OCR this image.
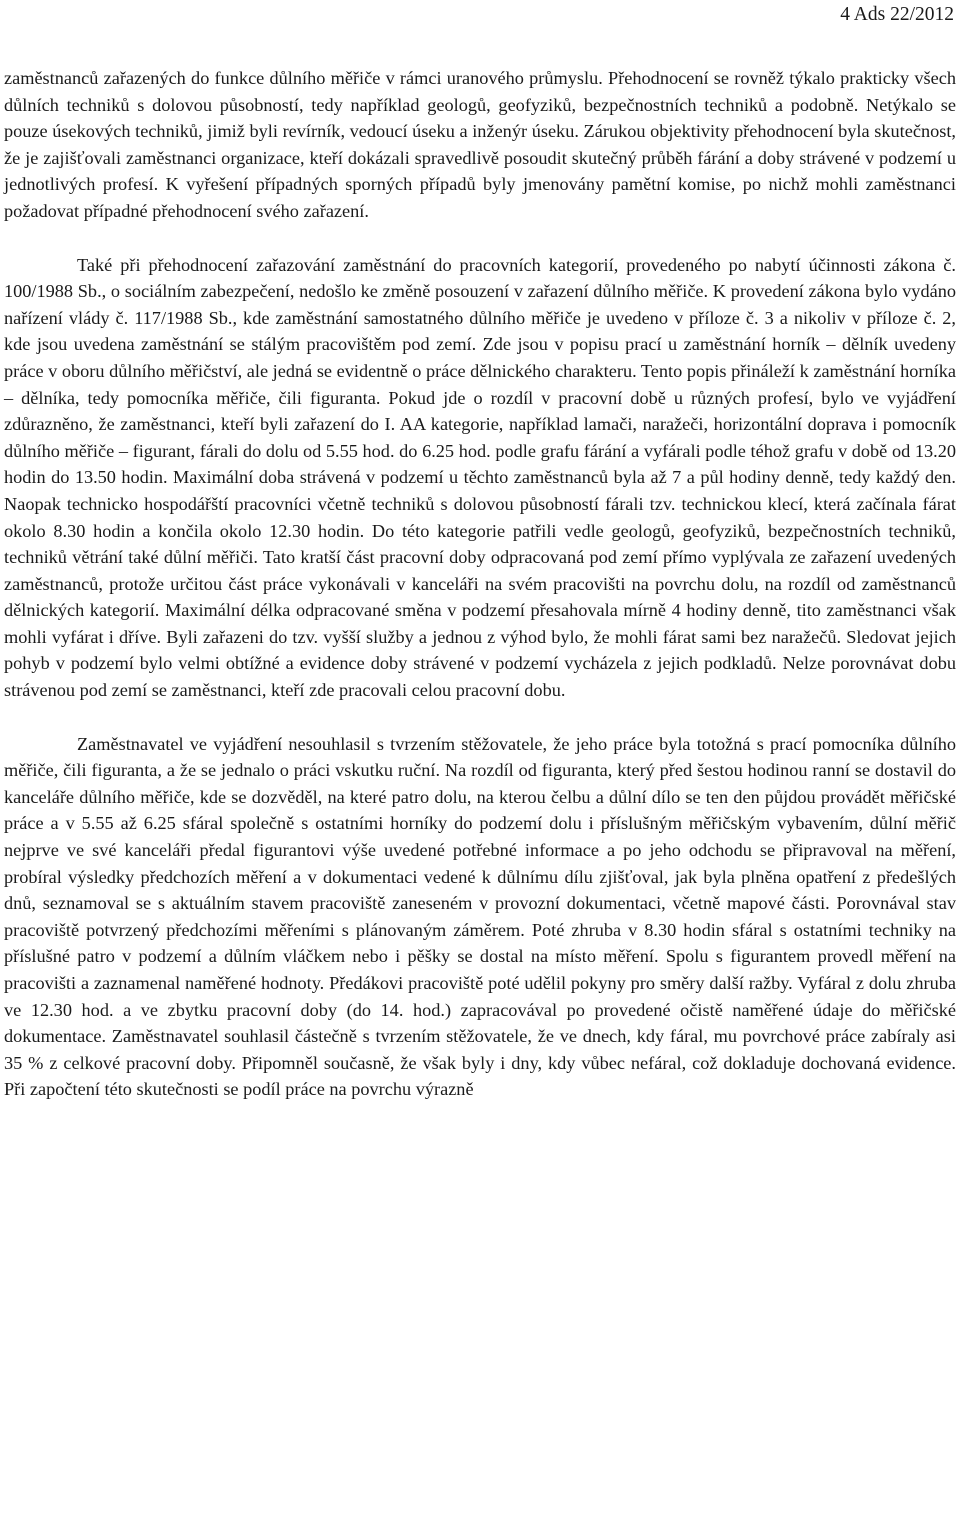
4 Ads 22/2012

zaměstnanců zařazených do funkce důlního měřiče v rámci uranového průmyslu. Přehodnocení se rovněž týkalo prakticky všech důlních techniků s dolovou působností, tedy například geologů, geofyziků, bezpečnostních techniků a podobně. Netýkalo se pouze úsekových techniků, jimiž byli revírník, vedoucí úseku a inženýr úseku. Zárukou objektivity přehodnocení byla skutečnost, že je zajišťovali zaměstnanci organizace, kteří dokázali spravedlivě posoudit skutečný průběh fárání a doby strávené v podzemí u jednotlivých profesí. K vyřešení případných sporných případů byly jmenovány pamětní komise, po nichž mohli zaměstnanci požadovat případné přehodnocení svého zařazení.

Také při přehodnocení zařazování zaměstnání do pracovních kategorií, provedeného po nabytí účinnosti zákona č. 100/1988 Sb., o sociálním zabezpečení, nedošlo ke změně posouzení v zařazení důlního měřiče. K provedení zákona bylo vydáno nařízení vlády č. 117/1988 Sb., kde zaměstnání samostatného důlního měřiče je uvedeno v příloze č. 3 a nikoliv v příloze č. 2, kde jsou uvedena zaměstnání se stálým pracovištěm pod zemí. Zde jsou v popisu prací u zaměstnání horník – dělník uvedeny práce v oboru důlního měřičství, ale jedná se evidentně o práce dělnického charakteru. Tento popis přináleží k zaměstnání horníka – dělníka, tedy pomocníka měřiče, čili figuranta. Pokud jde o rozdíl v pracovní době u různých profesí, bylo ve vyjádření zdůrazněno, že zaměstnanci, kteří byli zařazení do I. AA kategorie, například lamači, naražeči, horizontální doprava i pomocník důlního měřiče – figurant, fárali do dolu od 5.55 hod. do 6.25 hod. podle grafu fárání a vyfárali podle téhož grafu v době od 13.20 hodin do 13.50 hodin. Maximální doba strávená v podzemí u těchto zaměstnanců byla až 7 a půl hodiny denně, tedy každý den. Naopak technicko hospodářští pracovníci včetně techniků s dolovou působností fárali tzv. technickou klecí, která začínala fárat okolo 8.30 hodin a končila okolo 12.30 hodin. Do této kategorie patřili vedle geologů, geofyziků, bezpečnostních techniků, techniků větrání také důlní měřiči. Tato kratší část pracovní doby odpracovaná pod zemí přímo vyplývala ze zařazení uvedených zaměstnanců, protože určitou část práce vykonávali v kanceláři na svém pracovišti na povrchu dolu, na rozdíl od zaměstnanců dělnických kategorií. Maximální délka odpracované směna v podzemí přesahovala mírně 4 hodiny denně, tito zaměstnanci však mohli vyfárat i dříve. Byli zařazeni do tzv. vyšší služby a jednou z výhod bylo, že mohli fárat sami bez naražečů. Sledovat jejich pohyb v podzemí bylo velmi obtížné a evidence doby strávené v podzemí vycházela z jejich podkladů. Nelze porovnávat dobu strávenou pod zemí se zaměstnanci, kteří zde pracovali celou pracovní dobu.

Zaměstnavatel ve vyjádření nesouhlasil s tvrzením stěžovatele, že jeho práce byla totožná s prací pomocníka důlního měřiče, čili figuranta, a že se jednalo o práci vskutku ruční. Na rozdíl od figuranta, který před šestou hodinou ranní se dostavil do kanceláře důlního měřiče, kde se dozvěděl, na které patro dolu, na kterou čelbu a důlní dílo se ten den půjdou provádět měřičské práce a v 5.55 až 6.25 sfáral společně s ostatními horníky do podzemí dolu i příslušným měřičským vybavením, důlní měřič nejprve ve své kanceláři předal figurantovi výše uvedené potřebné informace a po jeho odchodu se připravoval na měření, probíral výsledky předchozích měření a v dokumentaci vedené k důlnímu dílu zjišťoval, jak byla plněna opatření z předešlých dnů, seznamoval se s aktuálním stavem pracoviště zaneseném v provozní dokumentaci, včetně mapové části. Porovnával stav pracoviště potvrzený předchozími měřeními s plánovaným záměrem. Poté zhruba v 8.30 hodin sfáral s ostatními techniky na příslušné patro v podzemí a důlním vláčkem nebo i pěšky se dostal na místo měření. Spolu s figurantem provedl měření na pracovišti a zaznamenal naměřené hodnoty. Předákovi pracoviště poté udělil pokyny pro směry další ražby. Vyfáral z dolu zhruba ve 12.30 hod. a ve zbytku pracovní doby (do 14. hod.) zapracovával po provedené očistě naměřené údaje do měřičské dokumentace. Zaměstnavatel souhlasil částečně s tvrzením stěžovatele, že ve dnech, kdy fáral, mu povrchové práce zabíraly asi 35 % z celkové pracovní doby. Připomněl současně, že však byly i dny, kdy vůbec nefáral, což dokladuje dochovaná evidence. Při započtení této skutečnosti se podíl práce na povrchu výrazně
